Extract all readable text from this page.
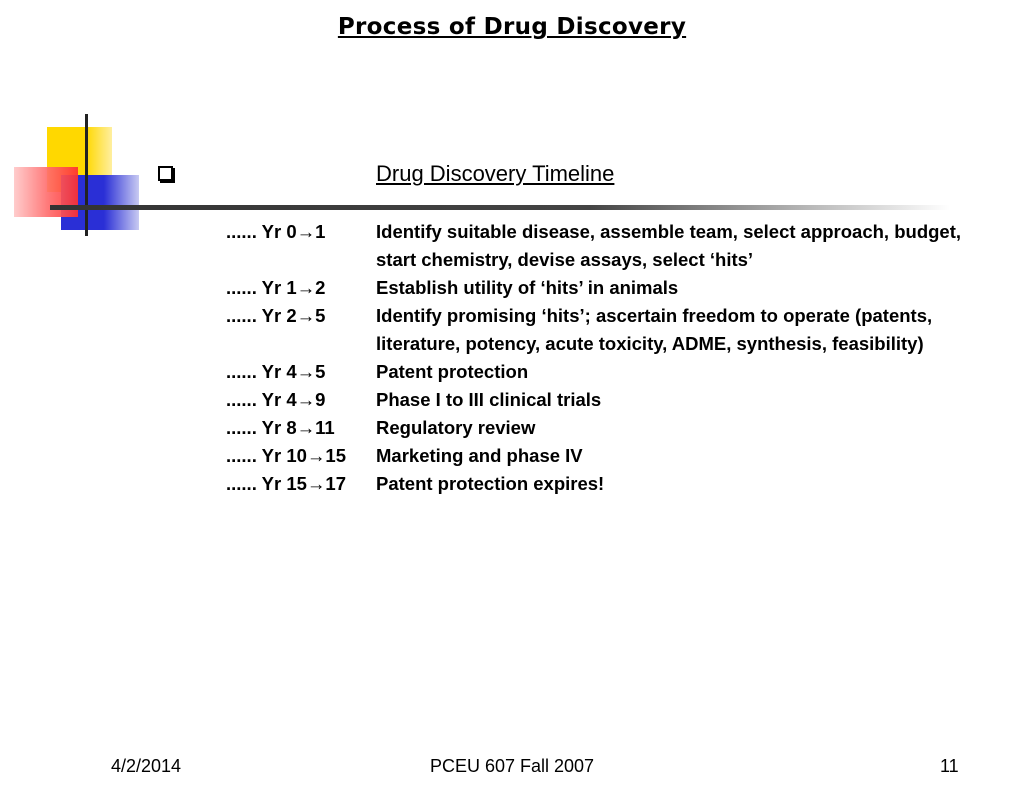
Process of Drug Discovery
Drug Discovery Timeline
...... Yr 0→1	Identify suitable disease, assemble team, select approach, budget, start chemistry, devise assays, select ‘hits’
...... Yr 1→2	Establish utility of ‘hits’ in animals
...... Yr 2→5	Identify promising ‘hits’; ascertain freedom to operate (patents, literature, potency, acute toxicity, ADME, synthesis, feasibility)
...... Yr 4→5	Patent protection
...... Yr 4→9	Phase I to III clinical trials
...... Yr 8→11	Regulatory review
...... Yr 10→15	Marketing and phase IV
...... Yr 15→17	Patent protection expires!
4/2/2014	PCEU 607 Fall 2007	11
